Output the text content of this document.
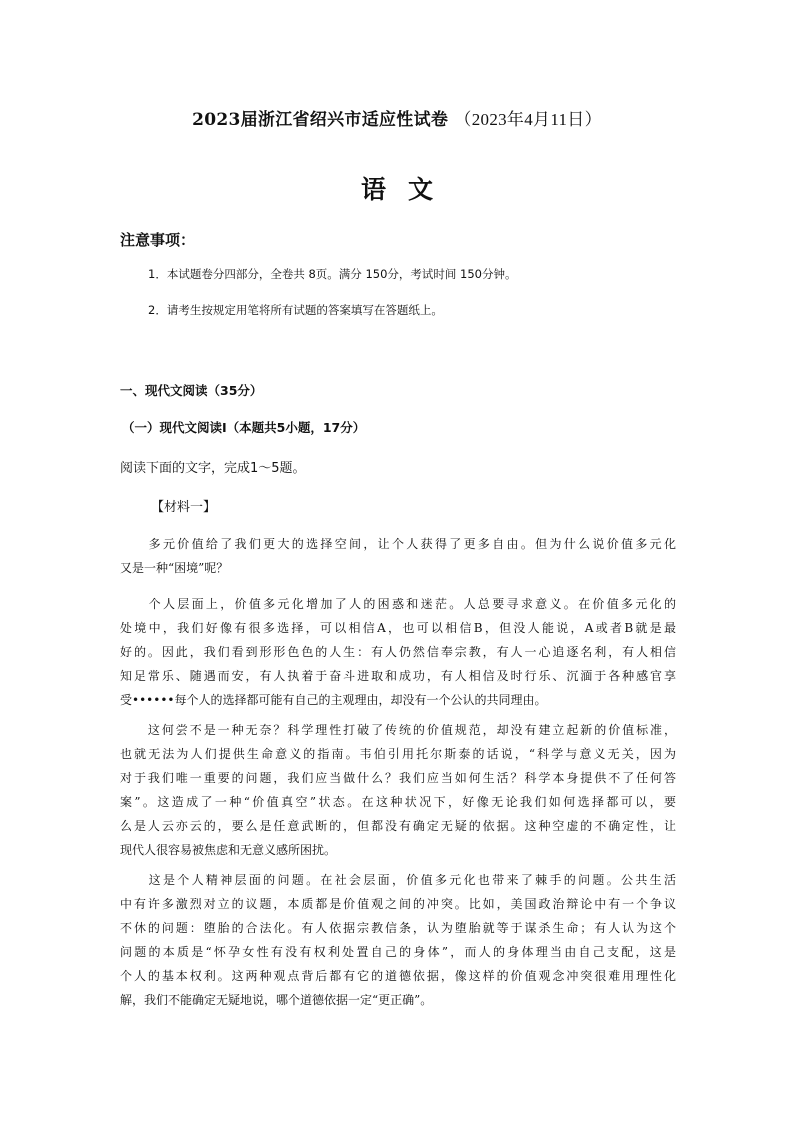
2023届浙江省绍兴市适应性试卷 （2023年4月11日）
语文
注意事项：
1．本试题卷分四部分，全卷共 8页。满分 150分，考试时间 150分钟。
2．请考生按规定用笔将所有试题的答案填写在答题纸上。
一、现代文阅读（35分）
（一）现代文阅读Ⅰ（本题共5小题，17分）
阅读下面的文字，完成1～5题。
【材料一】
　　多元价值给了我们更大的选择空间，让个人获得了更多自由。但为什么说价值多元化
又是一种“困境”呢？
　　个人层面上，价值多元化增加了人的困惑和迷茫。人总要寻求意义。在价值多元化的
处境中，我们好像有很多选择，可以相信A，也可以相信B，但没人能说，A或者B就是最
好的。因此，我们看到形形色色的人生：有人仍然信奉宗教，有人一心追逐名利，有人相信
知足常乐、随遇而安，有人执着于奋斗进取和成功，有人相信及时行乐、沉湎于各种感官享
受••••••每个人的选择都可能有自己的主观理由，却没有一个公认的共同理由。
　　这何尝不是一种无奈？科学理性打破了传统的价值规范，却没有建立起新的价值标准，
也就无法为人们提供生命意义的指南。韦伯引用托尔斯泰的话说，“科学与意义无关，因为
对于我们唯一重要的问题，我们应当做什么？我们应当如何生活？科学本身提供不了任何答
案”。这造成了一种“价值真空”状态。在这种状况下，好像无论我们如何选择都可以，要
么是人云亦云的，要么是任意武断的，但都没有确定无疑的依据。这种空虚的不确定性，让
现代人很容易被焦虑和无意义感所困扰。
　　这是个人精神层面的问题。在社会层面，价值多元化也带来了棘手的问题。公共生活
中有许多激烈对立的议题，本质都是价值观之间的冲突。比如，美国政治辩论中有一个争议
不休的问题：堕胎的合法化。有人依据宗教信条，认为堕胎就等于谋杀生命；有人认为这个
问题的本质是“怀孕女性有没有权利处置自己的身体”，而人的身体理当由自己支配，这是
个人的基本权利。这两种观点背后都有它的道德依据，像这样的价值观念冲突很难用理性化
解，我们不能确定无疑地说，哪个道德依据一定“更正确”。
